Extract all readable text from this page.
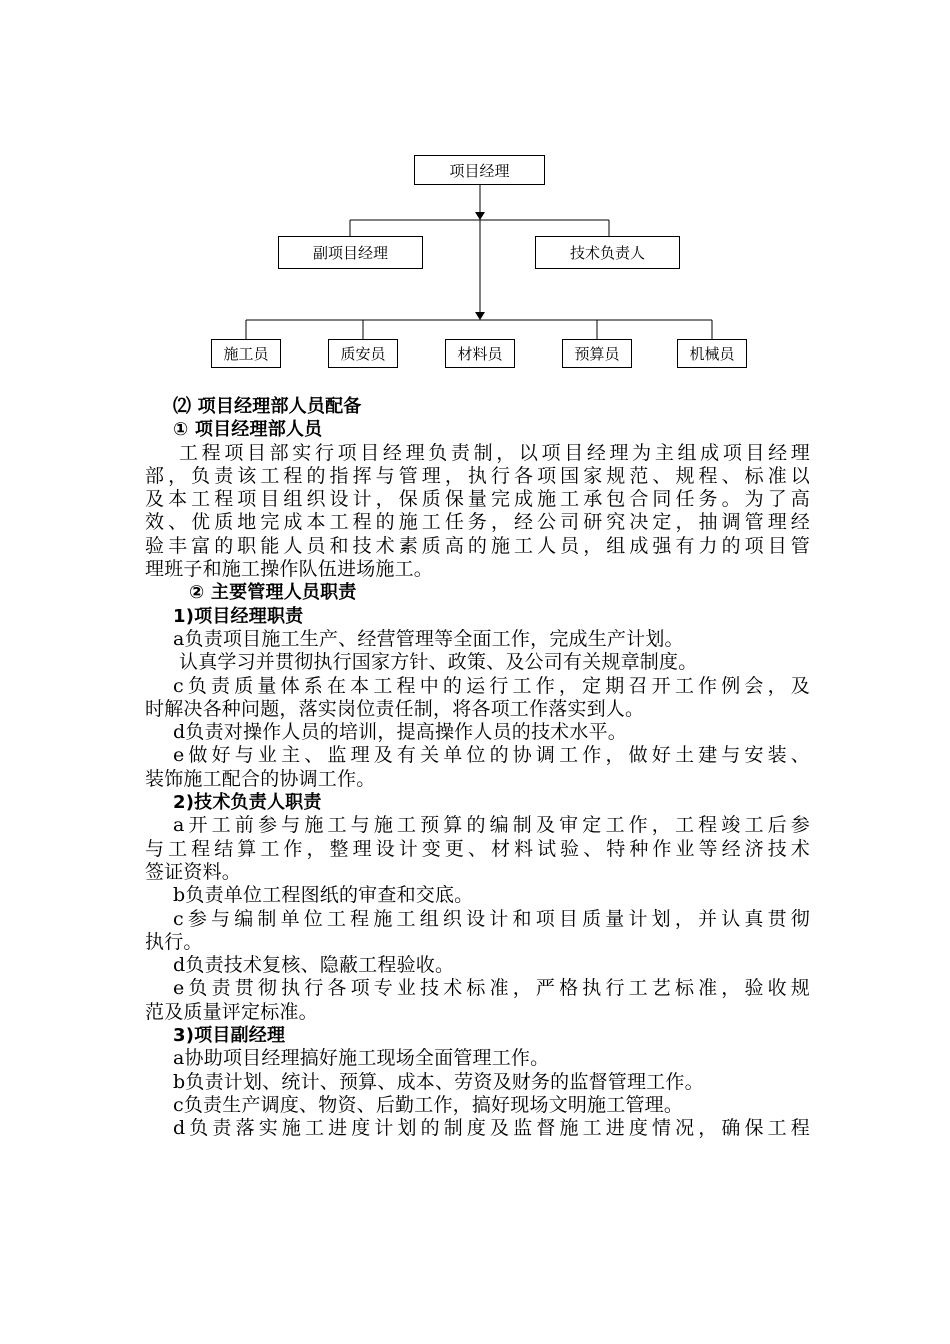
项目经理
副项目经理	技术负责人
施工员	质安员	材料员	预算员	机械员
⑵ 项目经理部人员配备
① 项目经理部人员
工程项目部实行项目经理负责制，以项目经理为主组成项目经理
部，负责该工程的指挥与管理，执行各项国家规范、规程、标准以
及本工程项目组织设计，保质保量完成施工承包合同任务。为了高
效、优质地完成本工程的施工任务，经公司研究决定，抽调管理经
验丰富的职能人员和技术素质高的施工人员，组成强有力的项目管
理班子和施工操作队伍进场施工。
② 主要管理人员职责
1)项目经理职责
a负责项目施工生产、经营管理等全面工作，完成生产计划。
认真学习并贯彻执行国家方针、政策、及公司有关规章制度。
c负责质量体系在本工程中的运行工作，定期召开工作例会，及
时解决各种问题，落实岗位责任制，将各项工作落实到人。
d负责对操作人员的培训，提高操作人员的技术水平。
e做好与业主、监理及有关单位的协调工作，做好土建与安装、
装饰施工配合的协调工作。
2)技术负责人职责
a开工前参与施工与施工预算的编制及审定工作，工程竣工后参
与工程结算工作，整理设计变更、材料试验、特种作业等经济技术
签证资料。
b负责单位工程图纸的审查和交底。
c参与编制单位工程施工组织设计和项目质量计划，并认真贯彻
执行。
d负责技术复核、隐蔽工程验收。
e负责贯彻执行各项专业技术标准，严格执行工艺标准，验收规
范及质量评定标准。
3)项目副经理
a协助项目经理搞好施工现场全面管理工作。
b负责计划、统计、预算、成本、劳资及财务的监督管理工作。
c负责生产调度、物资、后勤工作，搞好现场文明施工管理。
d负责落实施工进度计划的制度及监督施工进度情况，确保工程
